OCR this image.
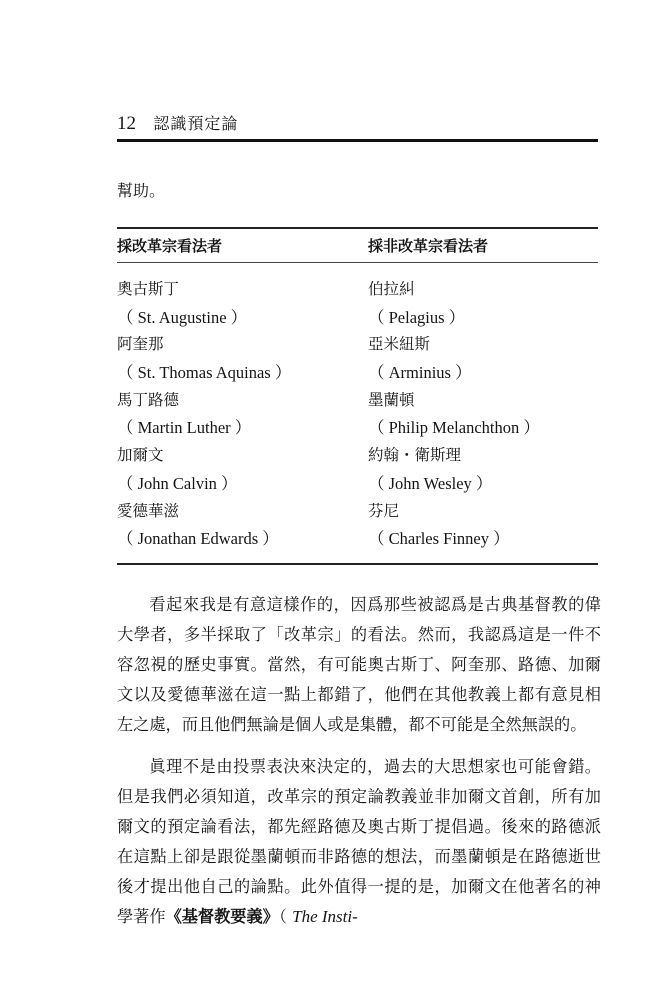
12 認識預定論
幫助。
採改革宗看法者	採非改革宗看法者
奧古斯丁
（ St. Augustine ）
阿奎那
（ St. Thomas Aquinas ）
馬丁路德
（ Martin Luther ）
加爾文
（ John Calvin ）
愛德華滋
（ Jonathan Edwards ）
伯拉糾
（ Pelagius ）
亞米紐斯
（ Arminius ）
墨蘭頓
（ Philip Melanchthon ）
約翰・衛斯理
（ John Wesley ）
芬尼
（ Charles Finney ）

看起來我是有意這樣作的，因爲那些被認爲是古典基督教的偉大學者，多半採取了「改革宗」的看法。然而，我認爲這是一件不容忽視的歷史事實。當然，有可能奧古斯丁、阿奎那、路德、加爾文以及愛德華滋在這一點上都錯了，他們在其他教義上都有意見相左之處，而且他們無論是個人或是集體，都不可能是全然無誤的。

眞理不是由投票表決來決定的，過去的大思想家也可能會錯。但是我們必須知道，改革宗的預定論教義並非加爾文首創，所有加爾文的預定論看法，都先經路德及奧古斯丁提倡過。後來的路德派在這點上卻是跟從墨蘭頓而非路德的想法，而墨蘭頓是在路德逝世後才提出他自己的論點。此外值得一提的是，加爾文在他著名的神學著作《基督教要義》（ The Insti-
